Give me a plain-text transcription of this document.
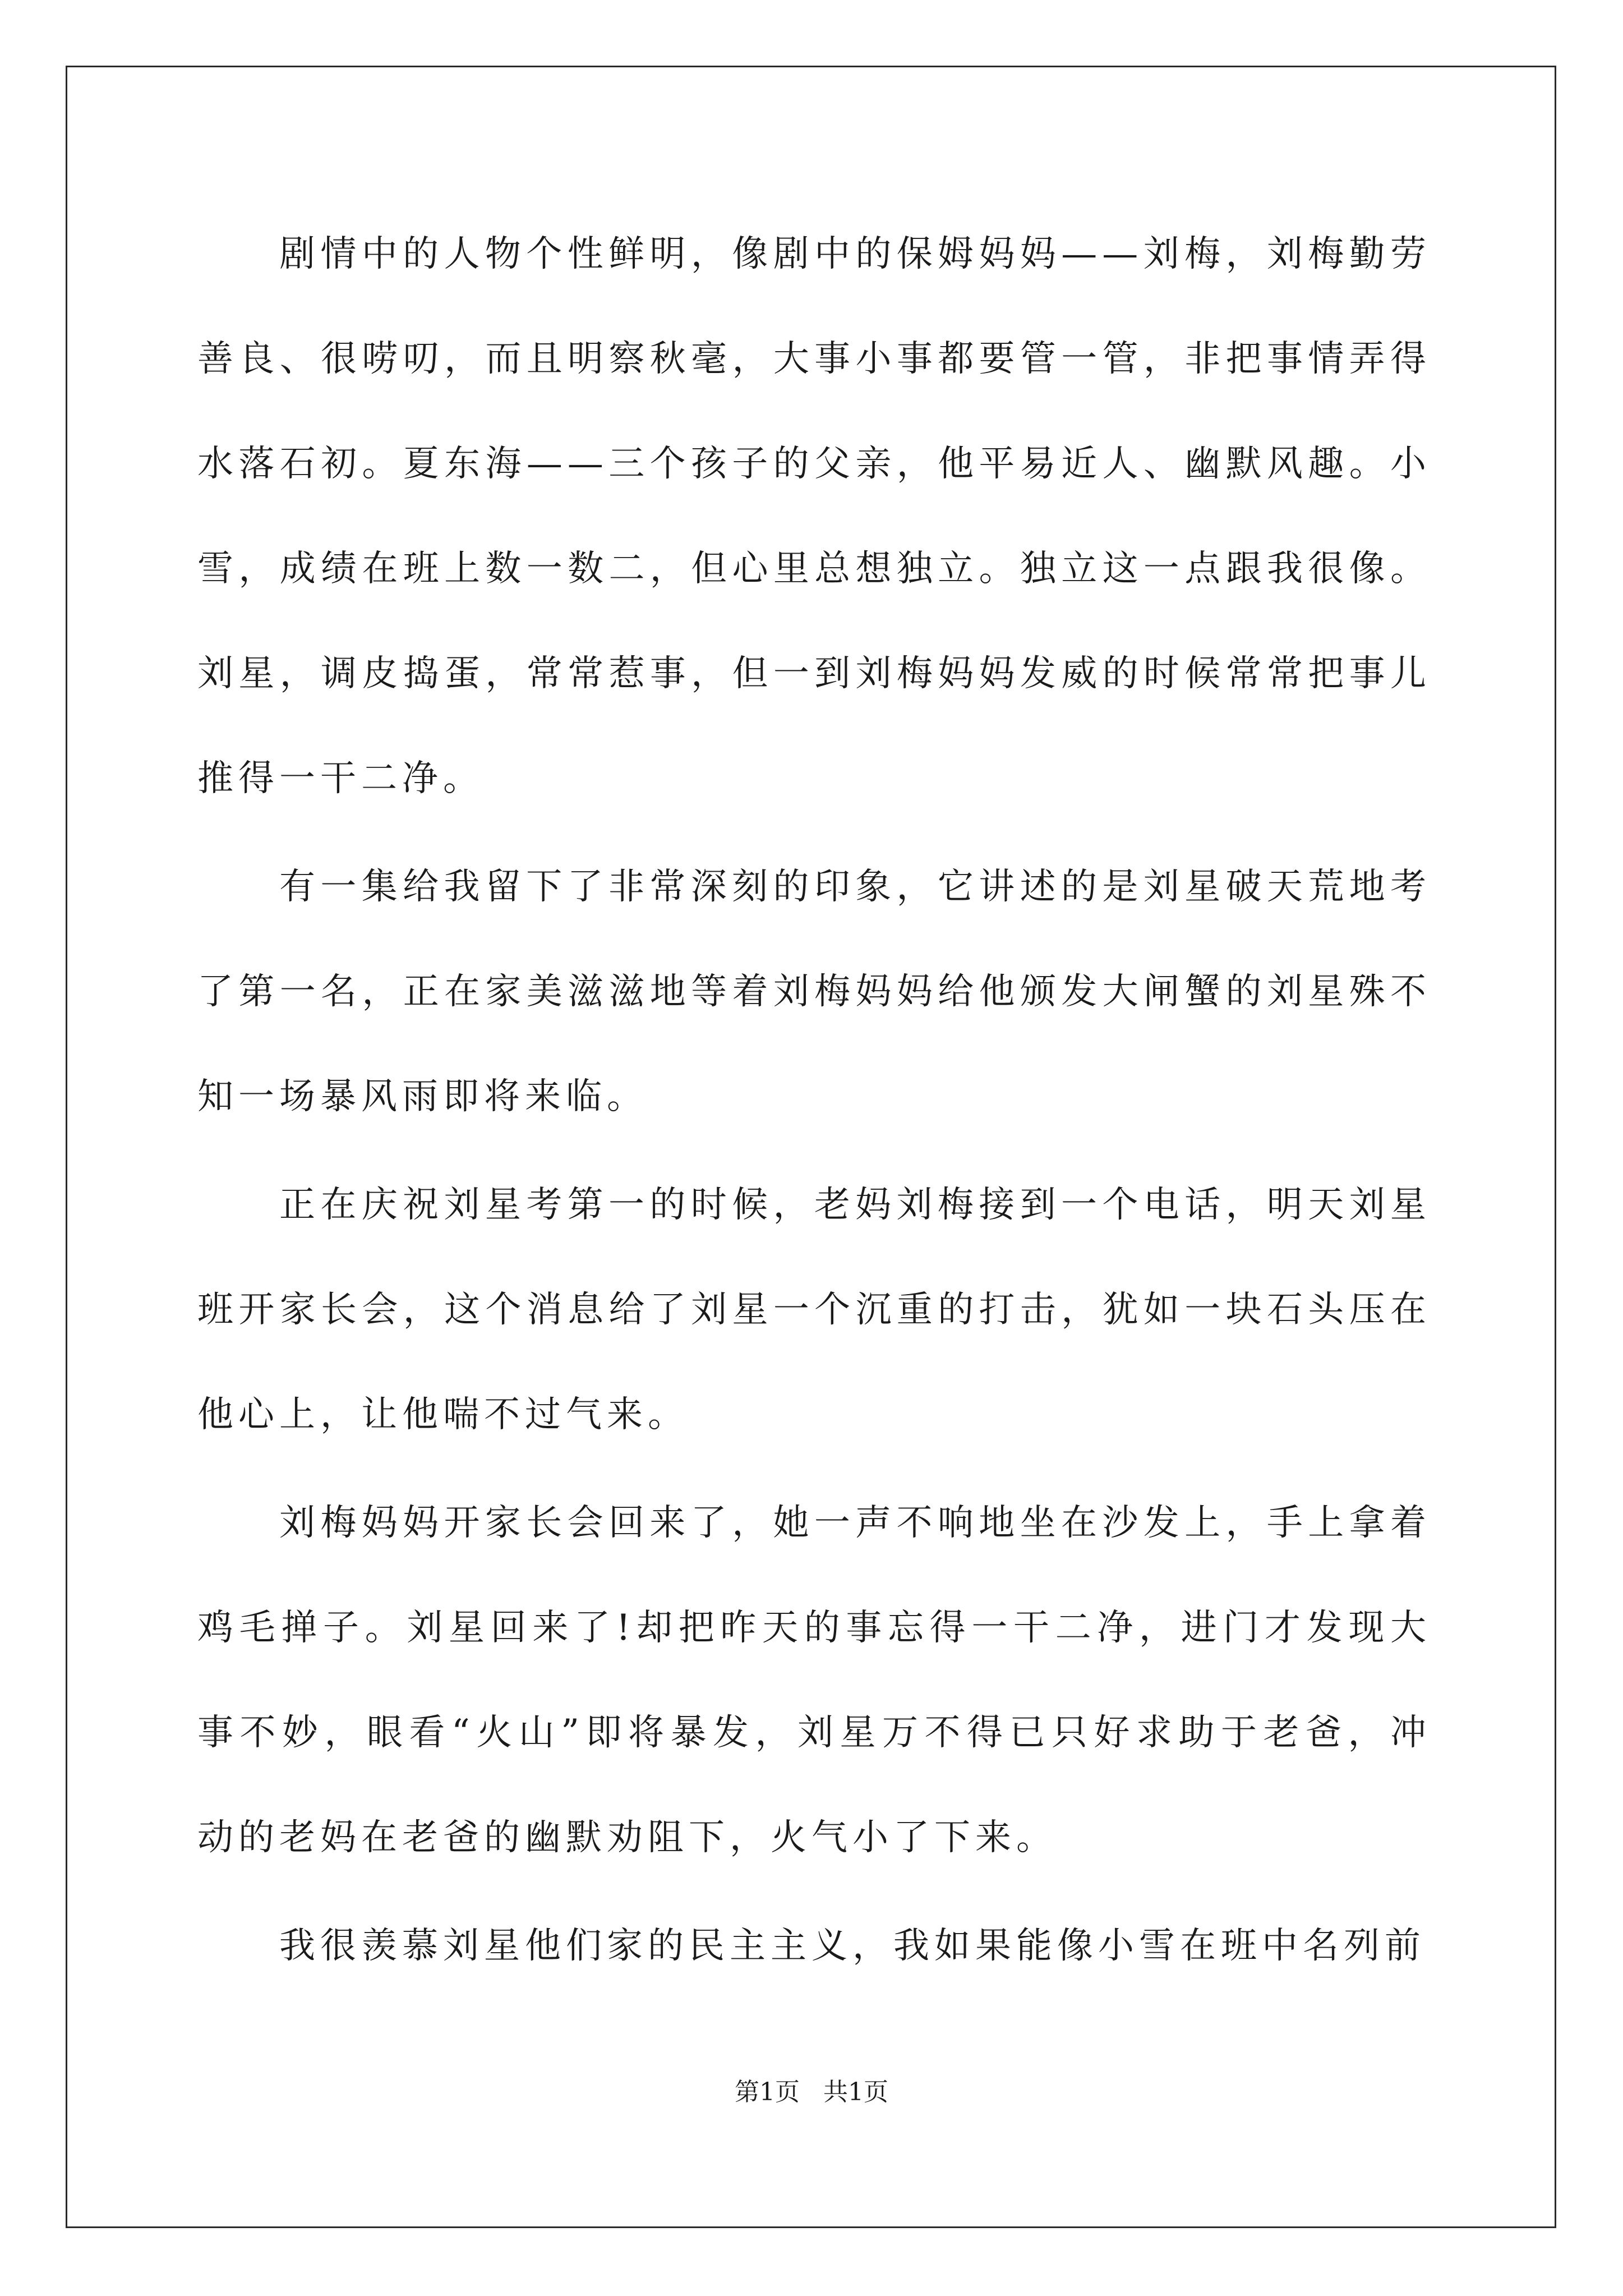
剧情中的人物个性鲜明，像剧中的保姆妈妈——刘梅，刘梅勤劳善良、很唠叨，而且明察秋毫，大事小事都要管一管，非把事情弄得水落石初。夏东海——三个孩子的父亲，他平易近人、幽默风趣。小雪，成绩在班上数一数二，但心里总想独立。独立这一点跟我很像。刘星，调皮捣蛋，常常惹事，但一到刘梅妈妈发威的时候常常把事儿推得一干二净。

有一集给我留下了非常深刻的印象，它讲述的是刘星破天荒地考了第一名，正在家美滋滋地等着刘梅妈妈给他颁发大闸蟹的刘星殊不知一场暴风雨即将来临。

正在庆祝刘星考第一的时候，老妈刘梅接到一个电话，明天刘星班开家长会，这个消息给了刘星一个沉重的打击，犹如一块石头压在他心上，让他喘不过气来。

刘梅妈妈开家长会回来了，她一声不响地坐在沙发上，手上拿着鸡毛掸子。刘星回来了!却把昨天的事忘得一干二净，进门才发现大事不妙，眼看“火山”即将暴发，刘星万不得已只好求助于老爸，冲动的老妈在老爸的幽默劝阻下，火气小了下来。

我很羡慕刘星他们家的民主主义，我如果能像小雪在班中名列前

第1页 共1页
